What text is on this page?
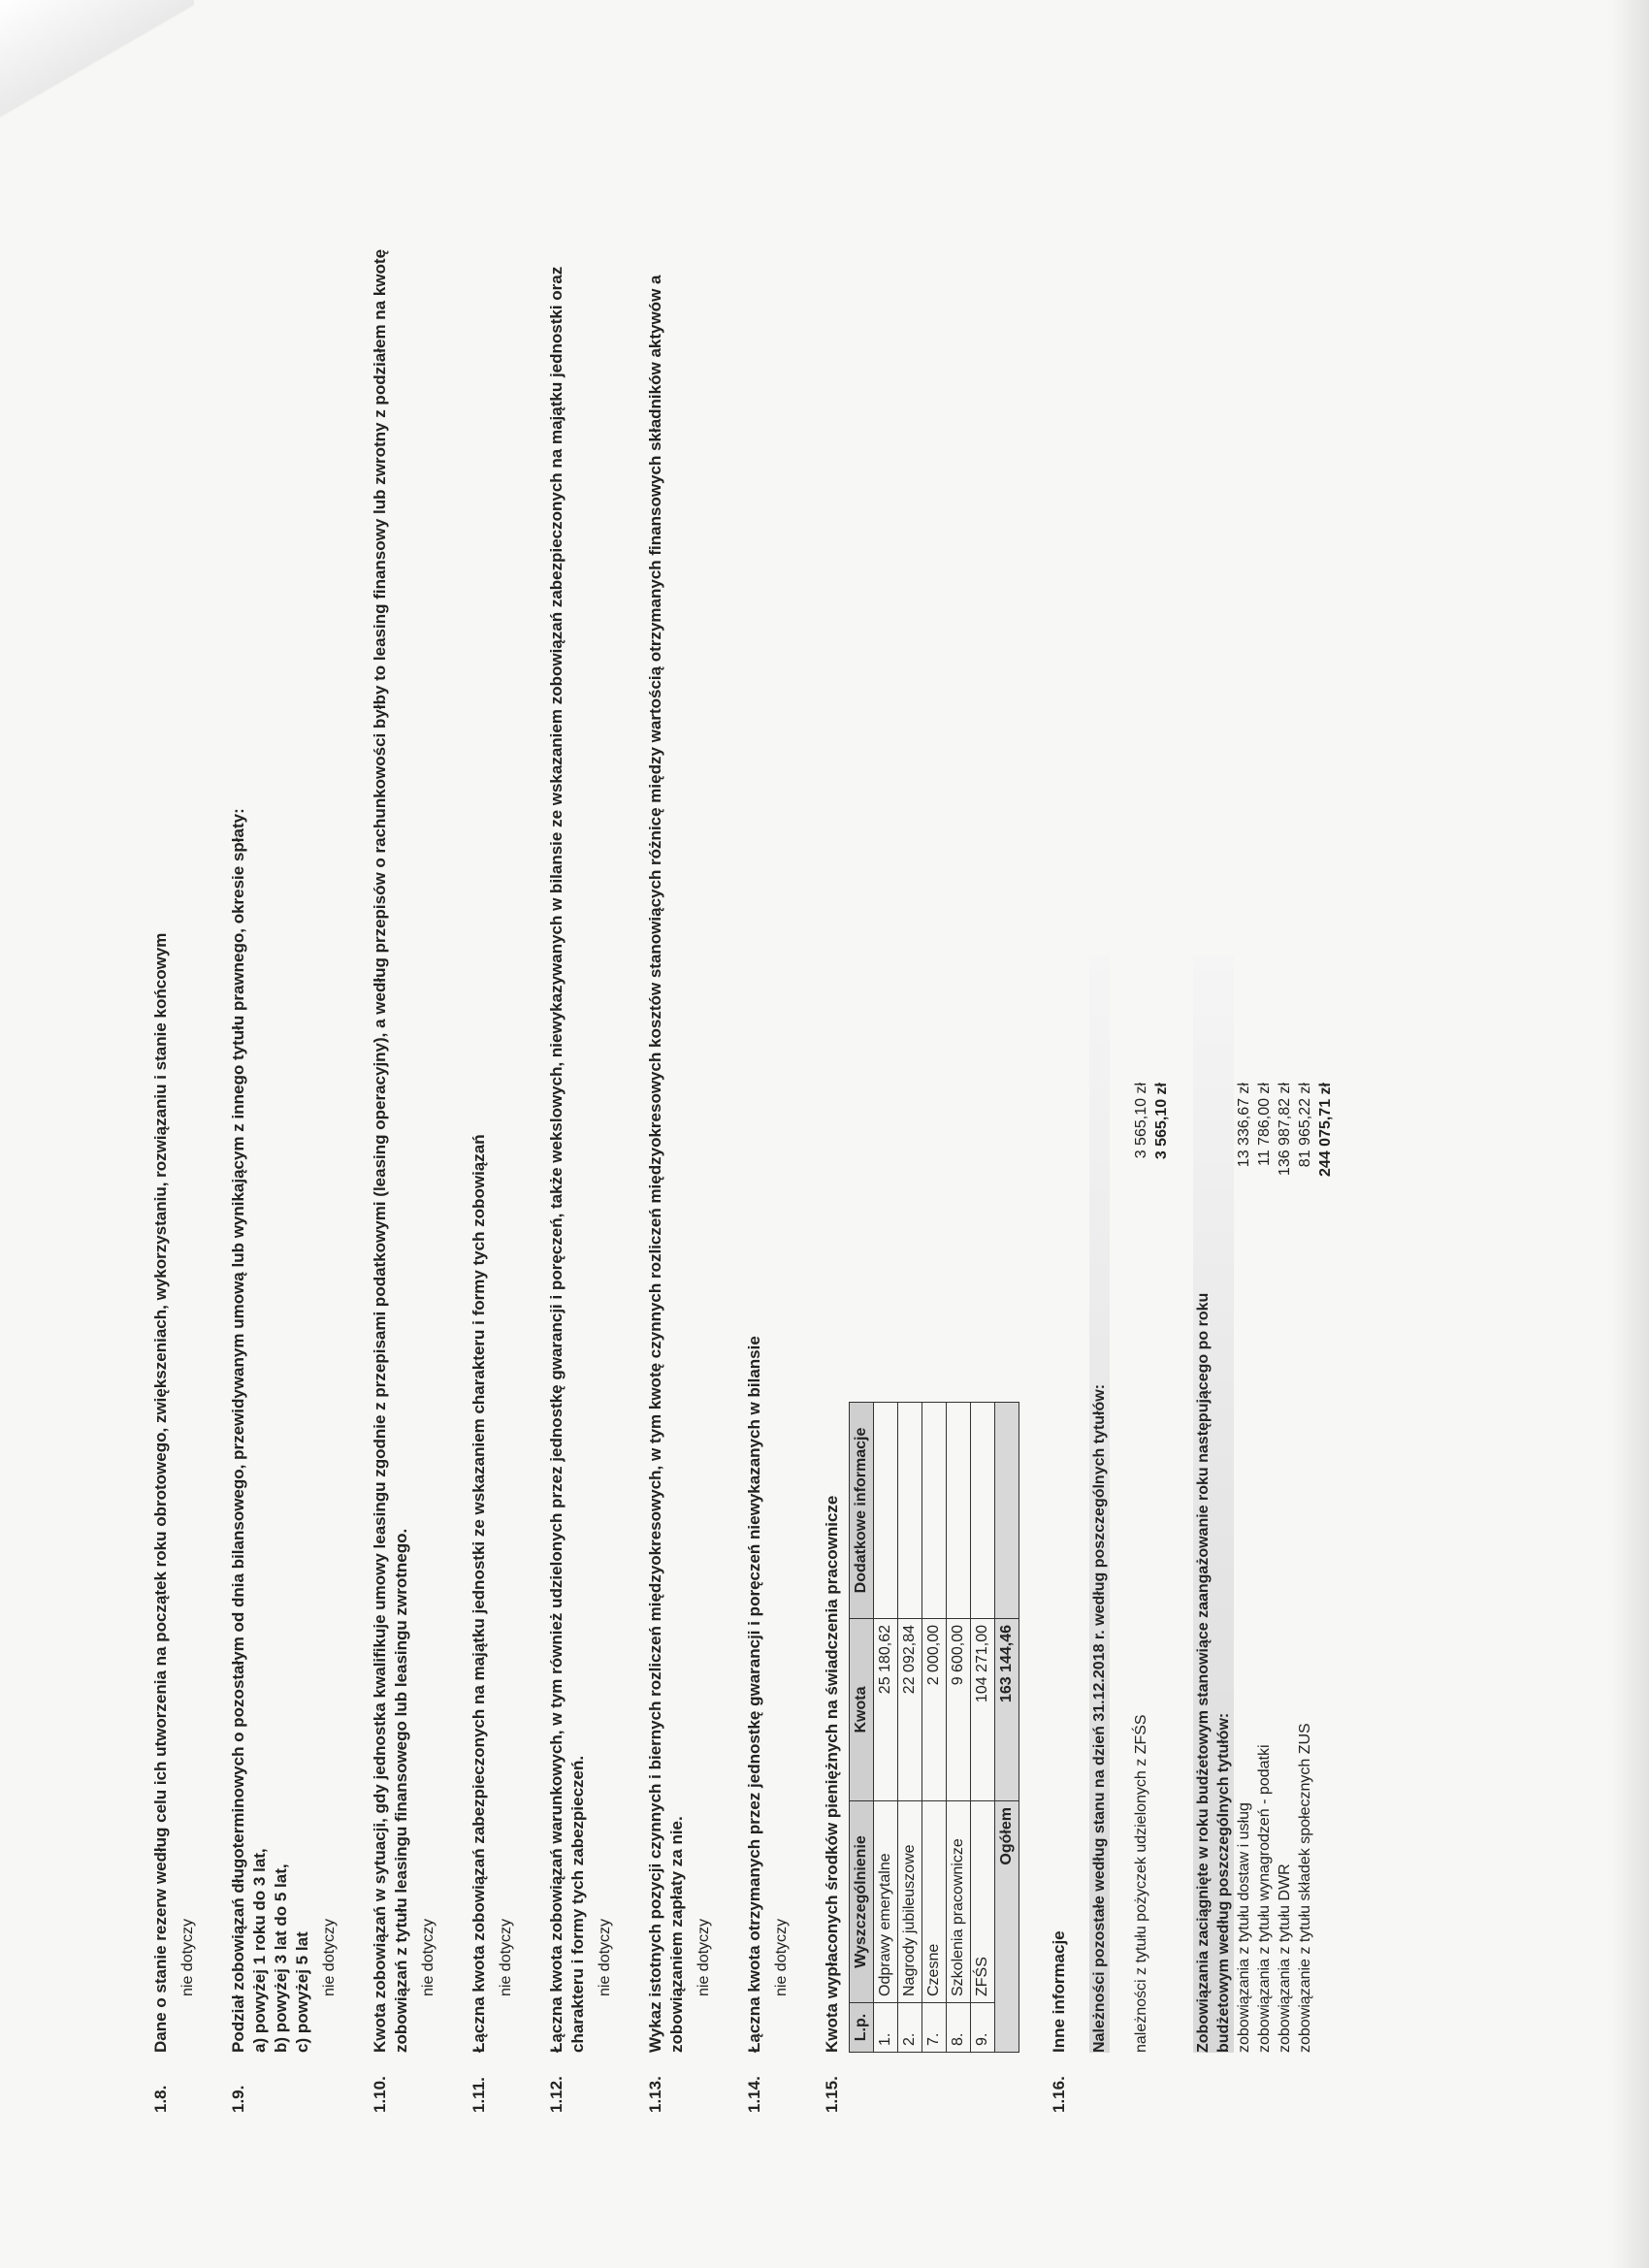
1.8.
Dane o stanie rezerw według celu ich utworzenia na początek roku obrotowego, zwiększeniach, wykorzystaniu, rozwiązaniu i stanie końcowym nie dotyczy
1.9.
Podział zobowiązań długoterminowych o pozostałym od dnia bilansowego, przewidywanym umową lub wynikającym z innego tytułu prawnego, okresie spłaty: a) powyżej 1 roku do 3 lat, b) powyżej 3 lat do 5 lat, c) powyżej 5 lat nie dotyczy
1.10.
Kwota zobowiązań w sytuacji, gdy jednostka kwalifikuje umowy leasingu zgodnie z przepisami podatkowymi (leasing operacyjny), a według przepisów o rachunkowości byłby to leasing finansowy lub zwrotny z podziałem na kwotę zobowiązań z tytułu leasingu finansowego lub leasingu zwrotnego. nie dotyczy
1.11.
Łączna kwota zobowiązań zabezpieczonych na majątku jednostki ze wskazaniem charakteru i formy tych zobowiązań nie dotyczy
1.12.
Łączna kwota zobowiązań warunkowych, w tym również udzielonych przez jednostkę gwarancji i poręczeń, także wekslowych, niewykazywanych w bilansie ze wskazaniem zobowiązań zabezpieczonych na majątku jednostki oraz charakteru i formy tych zabezpieczeń. nie dotyczy
1.13.
Wykaz istotnych pozycji czynnych i biernych rozliczeń międzyokresowych, w tym kwotę czynnych rozliczeń międzyokresowych kosztów stanowiących różnicę między wartością otrzymanych finansowych składników aktywów a zobowiązaniem zapłaty za nie. nie dotyczy
1.14.
Łączna kwota otrzymanych przez jednostkę gwarancji i poręczeń niewykazanych w bilansie nie dotyczy
1.15.
Kwota wypłaconych środków pieniężnych na świadczenia pracownicze L.p.	Wyszczególnienie	Kwota	Dodatkowe informacje
1.	Odprawy emerytalne	25 180,62	
2.	Nagrody jubileuszowe	22 092,84	
7.	Czesne	2 000,00	
8.	Szkolenia pracownicze	9 600,00	
9.	ZFŚS	104 271,00	
Ogółem		163 144,46	
1.16.
Inne informacje Należności pozostałe według stanu na dzień 31.12.2018 r. według poszczególnych tytułów: należności z tytułu pożyczek udzielonych z ZFŚS
3 565,10 zł 3 565,10 zł
Zobowiązania zaciągnięte w roku budżetowym stanowiące zaangażowanie roku następującego po roku budżetowym według poszczególnych tytułów: zobowiązania z tytułu dostaw i usług
13 336,67 zł
zobowiązania z tytułu wynagrodzeń - podatki
11 786,00 zł
zobowiązania z tytułu DWR
136 987,82 zł
zobowiązanie z tytułu składek społecznych ZUS
81 965,22 zł 244 075,71 zł
